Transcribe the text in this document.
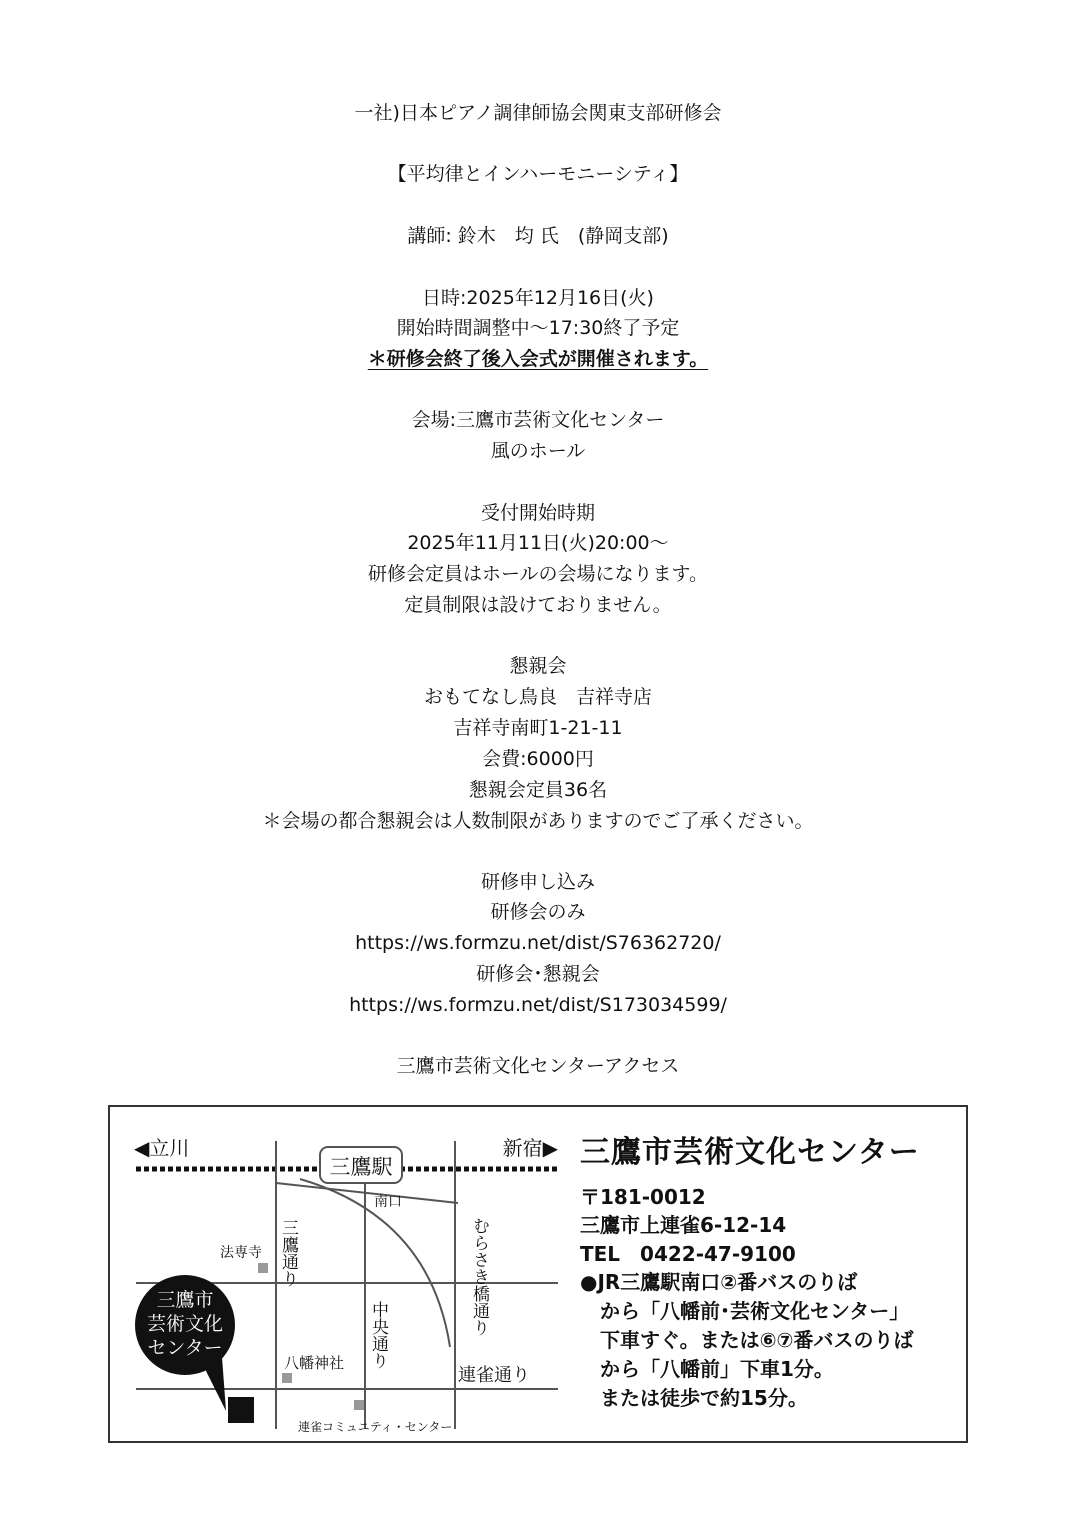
一社)日本ピアノ調律師協会関東支部研修会
【平均律とインハーモニーシティ】
講師: 鈴木　均 氏　(静岡支部)
日時:2025年12月16日(火)
開始時間調整中〜17:30終了予定
＊研修会終了後入会式が開催されます。
会場:三鷹市芸術文化センター
風のホール
受付開始時期
2025年11月11日(火)20:00〜
研修会定員はホールの会場になります。
定員制限は設けておりません。
懇親会
おもてなし鳥良　吉祥寺店
吉祥寺南町1-21-11
会費:6000円
懇親会定員36名
＊会場の都合懇親会は人数制限がありますのでご了承ください。
研修申し込み
研修会のみ
https://ws.formzu.net/dist/S76362720/
研修会･懇親会
https://ws.formzu.net/dist/S173034599/
三鷹市芸術文化センターアクセス
三鷹駅
◀立川	新宿▶
南口
三鷹通り	むらさき橋通り
中央通り
連雀通り
法専寺
八幡神社
連雀コミュニティ・センター
三鷹市
芸術文化
センター
三鷹市芸術文化センター
〒181-0012
三鷹市上連雀6-12-14
TEL　0422-47-9100
●JR三鷹駅南口②番バスのりば
　から「八幡前･芸術文化センター」
　下車すぐ。または⑥⑦番バスのりば
　から「八幡前」下車1分。
　または徒歩で約15分。
